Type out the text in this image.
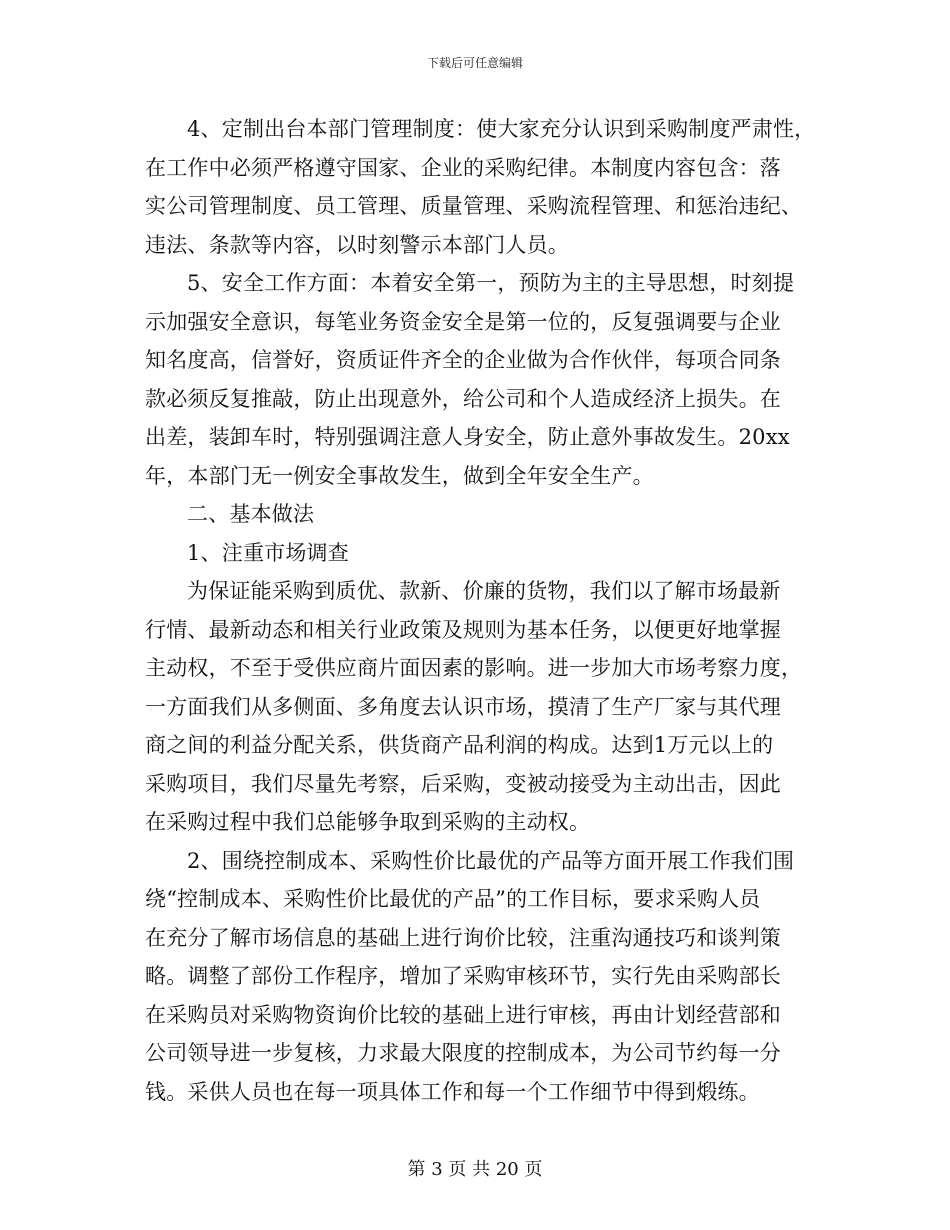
下载后可任意编辑
4、定制出台本部门管理制度：使大家充分认识到采购制度严肃性，
在工作中必须严格遵守国家、企业的采购纪律。本制度内容包含：落
实公司管理制度、员工管理、质量管理、采购流程管理、和惩治违纪、
违法、条款等内容，以时刻警示本部门人员。
5、安全工作方面：本着安全第一，预防为主的主导思想，时刻提
示加强安全意识，每笔业务资金安全是第一位的，反复强调要与企业
知名度高，信誉好，资质证件齐全的企业做为合作伙伴，每项合同条
款必须反复推敲，防止出现意外，给公司和个人造成经济上损失。在
出差，装卸车时，特别强调注意人身安全，防止意外事故发生。20xx
年，本部门无一例安全事故发生，做到全年安全生产。
二、基本做法
1、注重市场调查
为保证能采购到质优、款新、价廉的货物，我们以了解市场最新
行情、最新动态和相关行业政策及规则为基本任务，以便更好地掌握
主动权，不至于受供应商片面因素的影响。进一步加大市场考察力度，
一方面我们从多侧面、多角度去认识市场，摸清了生产厂家与其代理
商之间的利益分配关系，供货商产品利润的构成。达到1万元以上的
采购项目，我们尽量先考察，后采购，变被动接受为主动出击，因此
在采购过程中我们总能够争取到采购的主动权。
2、围绕控制成本、采购性价比最优的产品等方面开展工作我们围
绕“控制成本、采购性价比最优的产品”的工作目标，要求采购人员
在充分了解市场信息的基础上进行询价比较，注重沟通技巧和谈判策
略。调整了部份工作程序，增加了采购审核环节，实行先由采购部长
在采购员对采购物资询价比较的基础上进行审核，再由计划经营部和
公司领导进一步复核，力求最大限度的控制成本，为公司节约每一分
钱。采供人员也在每一项具体工作和每一个工作细节中得到煅练。
第 3 页 共 20 页
